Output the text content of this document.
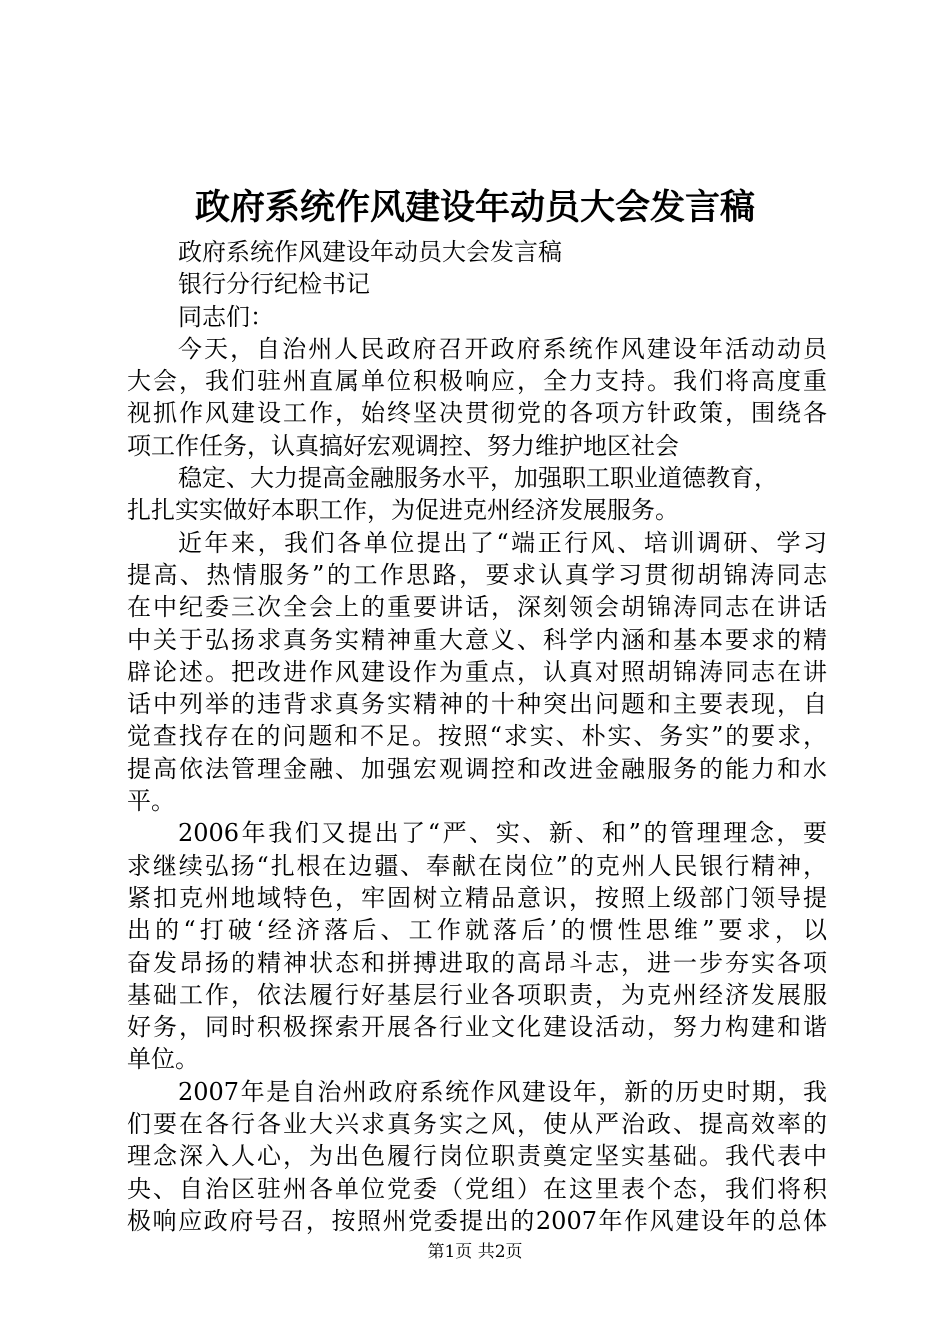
政府系统作风建设年动员大会发言稿
政府系统作风建设年动员大会发言稿
银行分行纪检书记
同志们：
今天，自治州人民政府召开政府系统作风建设年活动动员
大会，我们驻州直属单位积极响应，全力支持。我们将高度重
视抓作风建设工作，始终坚决贯彻党的各项方针政策，围绕各
项工作任务，认真搞好宏观调控、努力维护地区社会
稳定、大力提高金融服务水平，加强职工职业道德教育，
扎扎实实做好本职工作，为促进克州经济发展服务。
近年来，我们各单位提出了“端正行风、培训调研、学习
提高、热情服务”的工作思路，要求认真学习贯彻胡锦涛同志
在中纪委三次全会上的重要讲话，深刻领会胡锦涛同志在讲话
中关于弘扬求真务实精神重大意义、科学内涵和基本要求的精
辟论述。把改进作风建设作为重点，认真对照胡锦涛同志在讲
话中列举的违背求真务实精神的十种突出问题和主要表现，自
觉查找存在的问题和不足。按照“求实、朴实、务实”的要求，
提高依法管理金融、加强宏观调控和改进金融服务的能力和水
平。
2006年我们又提出了“严、实、新、和”的管理理念，要
求继续弘扬“扎根在边疆、奉献在岗位”的克州人民银行精神，
紧扣克州地域特色，牢固树立精品意识，按照上级部门领导提
出的“打破‘经济落后、工作就落后’的惯性思维”要求，以
奋发昂扬的精神状态和拼搏进取的高昂斗志，进一步夯实各项
基础工作，依法履行好基层行业各项职责，为克州经济发展服
好务，同时积极探索开展各行业文化建设活动，努力构建和谐
单位。
2007年是自治州政府系统作风建设年，新的历史时期，我
们要在各行各业大兴求真务实之风，使从严治政、提高效率的
理念深入人心，为出色履行岗位职责奠定坚实基础。我代表中
央、自治区驻州各单位党委（党组）在这里表个态，我们将积
极响应政府号召，按照州党委提出的2007年作风建设年的总体
第1页 共2页
